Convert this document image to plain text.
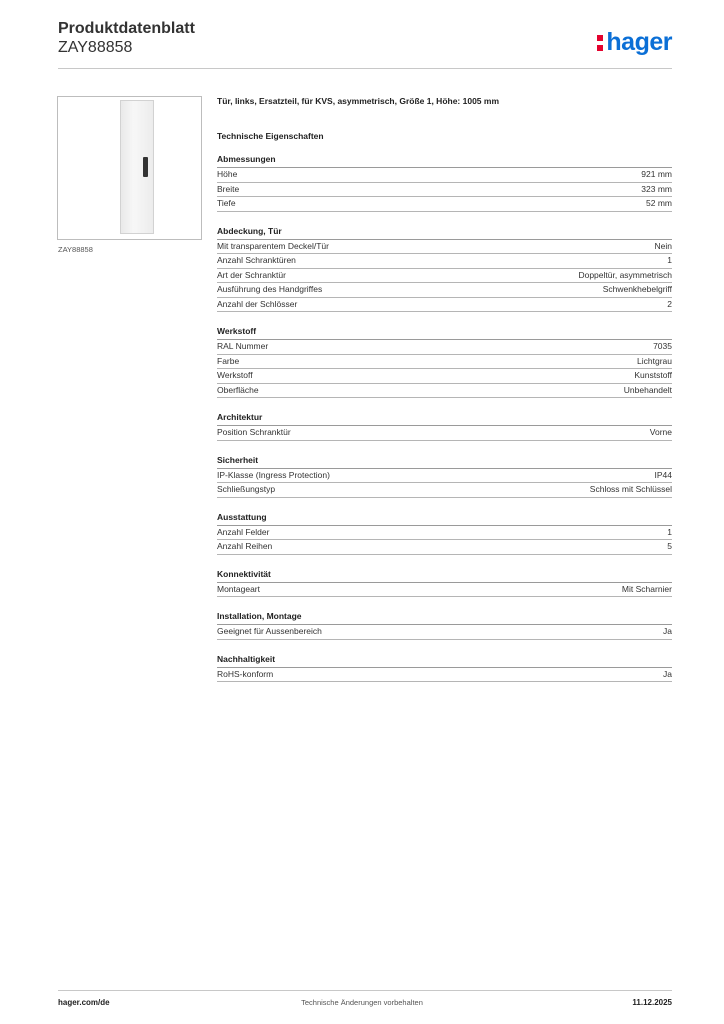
Produktdatenblatt
ZAY88858	hager
ZAY88858
Tür, links, Ersatzteil, für KVS, asymmetrisch, Größe 1, Höhe: 1005 mm
Technische Eigenschaften
Abmessungen
Höhe	921 mm
Breite	323 mm
Tiefe	52 mm
Abdeckung, Tür
Mit transparentem Deckel/Tür	Nein
Anzahl Schranktüren	1
Art der Schranktür	Doppeltür, asymmetrisch
Ausführung des Handgriffes	Schwenkhebelgriff
Anzahl der Schlösser	2
Werkstoff
RAL Nummer	7035
Farbe	Lichtgrau
Werkstoff	Kunststoff
Oberfläche	Unbehandelt
Architektur
Position Schranktür	Vorne
Sicherheit
IP-Klasse (Ingress Protection)	IP44
Schließungstyp	Schloss mit Schlüssel
Ausstattung
Anzahl Felder	1
Anzahl Reihen	5
Konnektivität
Montageart	Mit Scharnier
Installation, Montage
Geeignet für Aussenbereich	Ja
Nachhaltigkeit
RoHS-konform	Ja
hager.com/de	Technische Änderungen vorbehalten	11.12.2025
